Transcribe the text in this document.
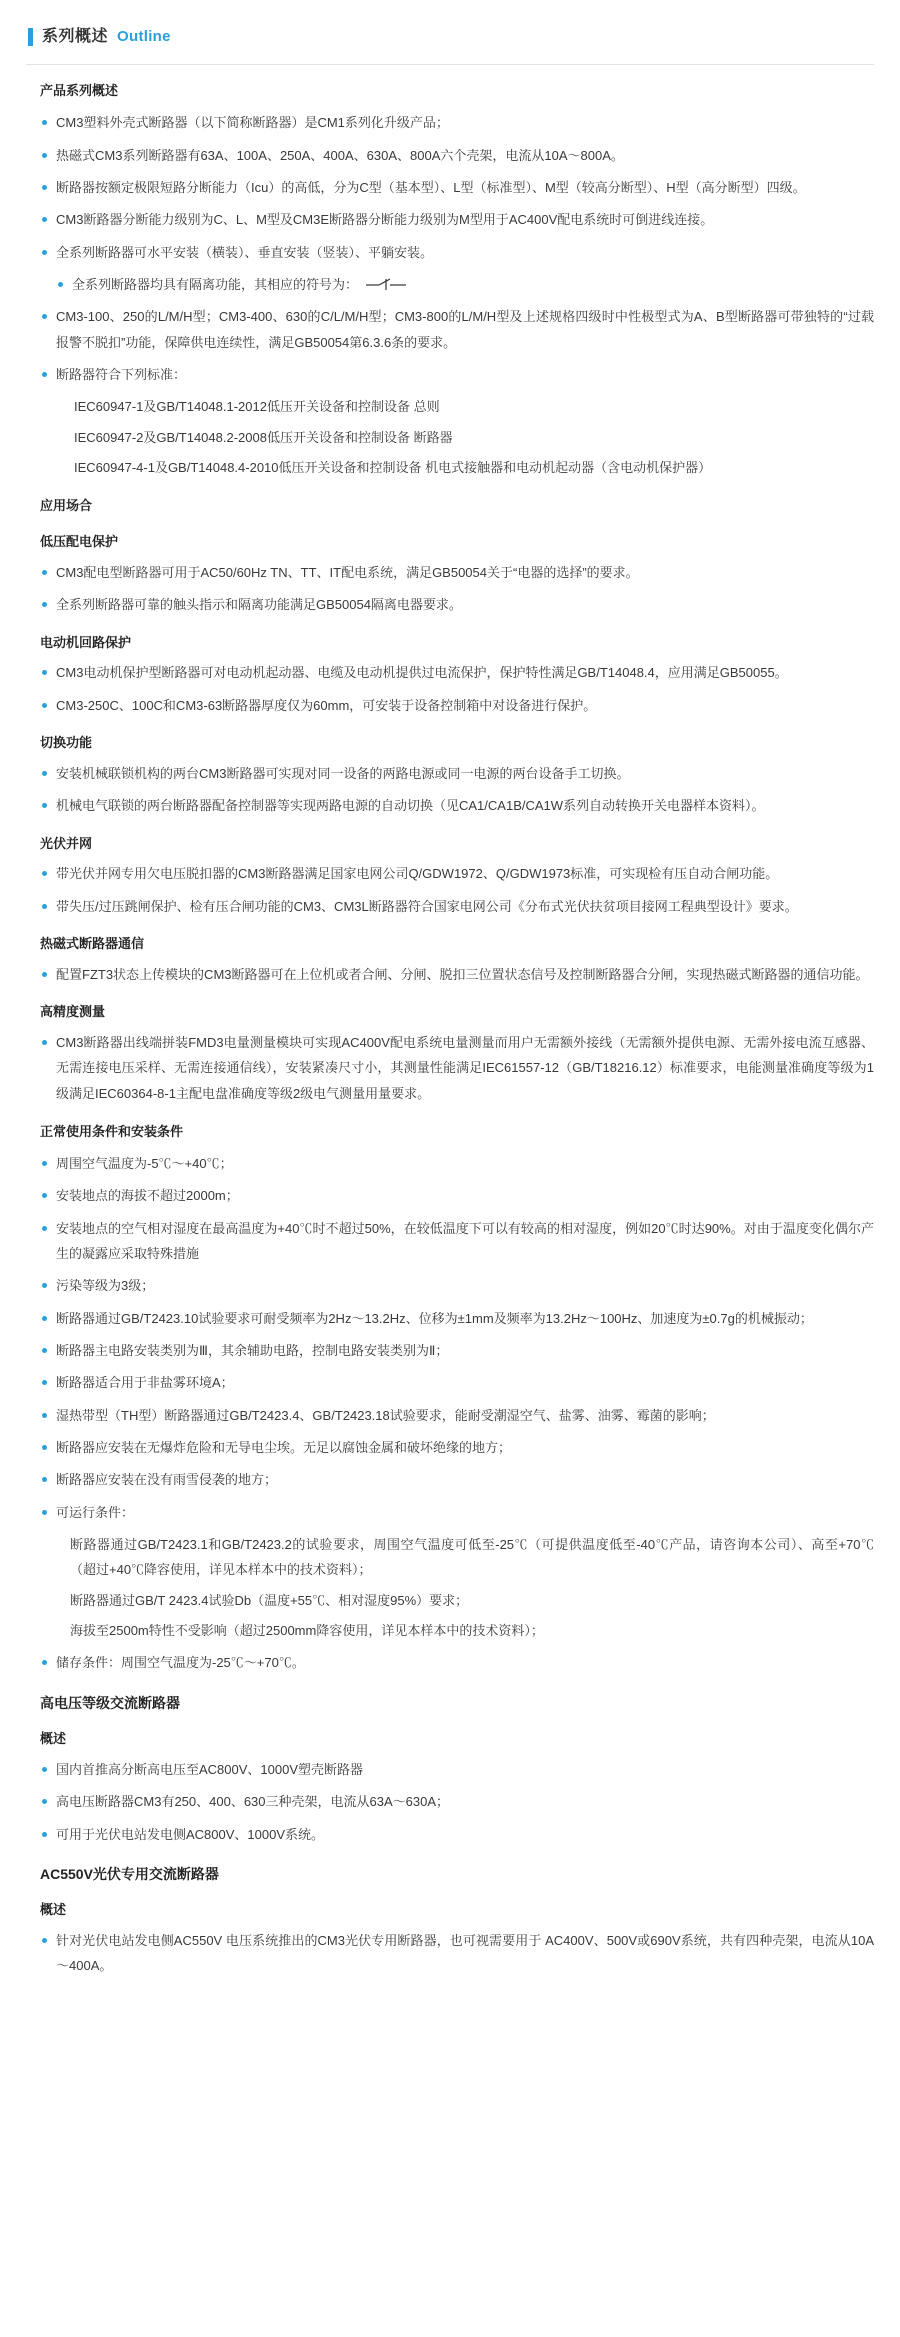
系列概述 Outline
产品系列概述
CM3塑料外壳式断路器（以下简称断路器）是CM1系列化升级产品；
热磁式CM3系列断路器有63A、100A、250A、400A、630A、800A六个壳架，电流从10A～800A。
断路器按额定极限短路分断能力（Icu）的高低，分为C型（基本型）、L型（标准型）、M型（较高分断型）、H型（高分断型）四级。
CM3断路器分断能力级别为C、L、M型及CM3E断路器分断能力级别为M型用于AC400V配电系统时可倒进线连接。
全系列断路器可水平安装（横装）、垂直安装（竖装）、平躺安装。
全系列断路器均具有隔离功能，其相应的符号为：
CM3-100、250的L/M/H型；CM3-400、630的C/L/M/H型；CM3-800的L/M/H型及上述规格四级时中性极型式为A、B型断路器可带独特的“过载报警不脱扣”功能，保障供电连续性，满足GB50054第6.3.6条的要求。
断路器符合下列标准：
IEC60947-1及GB/T14048.1-2012低压开关设备和控制设备 总则
IEC60947-2及GB/T14048.2-2008低压开关设备和控制设备 断路器
IEC60947-4-1及GB/T14048.4-2010低压开关设备和控制设备 机电式接触器和电动机起动器（含电动机保护器）
应用场合
低压配电保护
CM3配电型断路器可用于AC50/60Hz TN、TT、IT配电系统，满足GB50054关于“电器的选择”的要求。
全系列断路器可靠的触头指示和隔离功能满足GB50054隔离电器要求。
电动机回路保护
CM3电动机保护型断路器可对电动机起动器、电缆及电动机提供过电流保护，保护特性满足GB/T14048.4，应用满足GB50055。
CM3-250C、100C和CM3-63断路器厚度仅为60mm，可安装于设备控制箱中对设备进行保护。
切换功能
安装机械联锁机构的两台CM3断路器可实现对同一设备的两路电源或同一电源的两台设备手工切换。
机械电气联锁的两台断路器配备控制器等实现两路电源的自动切换（见CA1/CA1B/CA1W系列自动转换开关电器样本资料）。
光伏并网
带光伏并网专用欠电压脱扣器的CM3断路器满足国家电网公司Q/GDW1972、Q/GDW1973标准，可实现检有压自动合闸功能。
带失压/过压跳闸保护、检有压合闸功能的CM3、CM3L断路器符合国家电网公司《分布式光伏扶贫项目接网工程典型设计》要求。
热磁式断路器通信
配置FZT3状态上传模块的CM3断路器可在上位机或者合闸、分闸、脱扣三位置状态信号及控制断路器合分闸，实现热磁式断路器的通信功能。
高精度测量
CM3断路器出线端拼装FMD3电量测量模块可实现AC400V配电系统电量测量而用户无需额外接线（无需额外提供电源、无需外接电流互感器、无需连接电压采样、无需连接通信线），安装紧凑尺寸小，其测量性能满足IEC61557-12（GB/T18216.12）标准要求，电能测量准确度等级为1级满足IEC60364-8-1主配电盘准确度等级2级电气测量用量要求。
正常使用条件和安装条件
周围空气温度为-5℃～+40℃；
安装地点的海拔不超过2000m；
安装地点的空气相对湿度在最高温度为+40℃时不超过50%，在较低温度下可以有较高的相对湿度，例如20℃时达90%。对由于温度变化偶尔产生的凝露应采取特殊措施
污染等级为3级；
断路器通过GB/T2423.10试验要求可耐受频率为2Hz～13.2Hz、位移为±1mm及频率为13.2Hz～100Hz、加速度为±0.7g的机械振动；
断路器主电路安装类别为Ⅲ，其余辅助电路，控制电路安装类别为Ⅱ；
断路器适合用于非盐雾环境A；
湿热带型（TH型）断路器通过GB/T2423.4、GB/T2423.18试验要求，能耐受潮湿空气、盐雾、油雾、霉菌的影响；
断路器应安装在无爆炸危险和无导电尘埃。无足以腐蚀金属和破坏绝缘的地方；
断路器应安装在没有雨雪侵袭的地方；
可运行条件：
断路器通过GB/T2423.1和GB/T2423.2的试验要求，周围空气温度可低至-25℃（可提供温度低至-40℃产品，请咨询本公司）、高至+70℃（超过+40℃降容使用，详见本样本中的技术资料）；
断路器通过GB/T 2423.4试验Db（温度+55℃、相对湿度95%）要求；
海拔至2500m特性不受影响（超过2500mm降容使用，详见本样本中的技术资料）；
储存条件：周围空气温度为-25℃～+70℃。
高电压等级交流断路器
概述
国内首推高分断高电压至AC800V、1000V塑壳断路器
高电压断路器CM3有250、400、630三种壳架，电流从63A～630A；
可用于光伏电站发电侧AC800V、1000V系统。
AC550V光伏专用交流断路器
概述
针对光伏电站发电侧AC550V 电压系统推出的CM3光伏专用断路器，也可视需要用于 AC400V、500V或690V系统，共有四种壳架，电流从10A～400A。
